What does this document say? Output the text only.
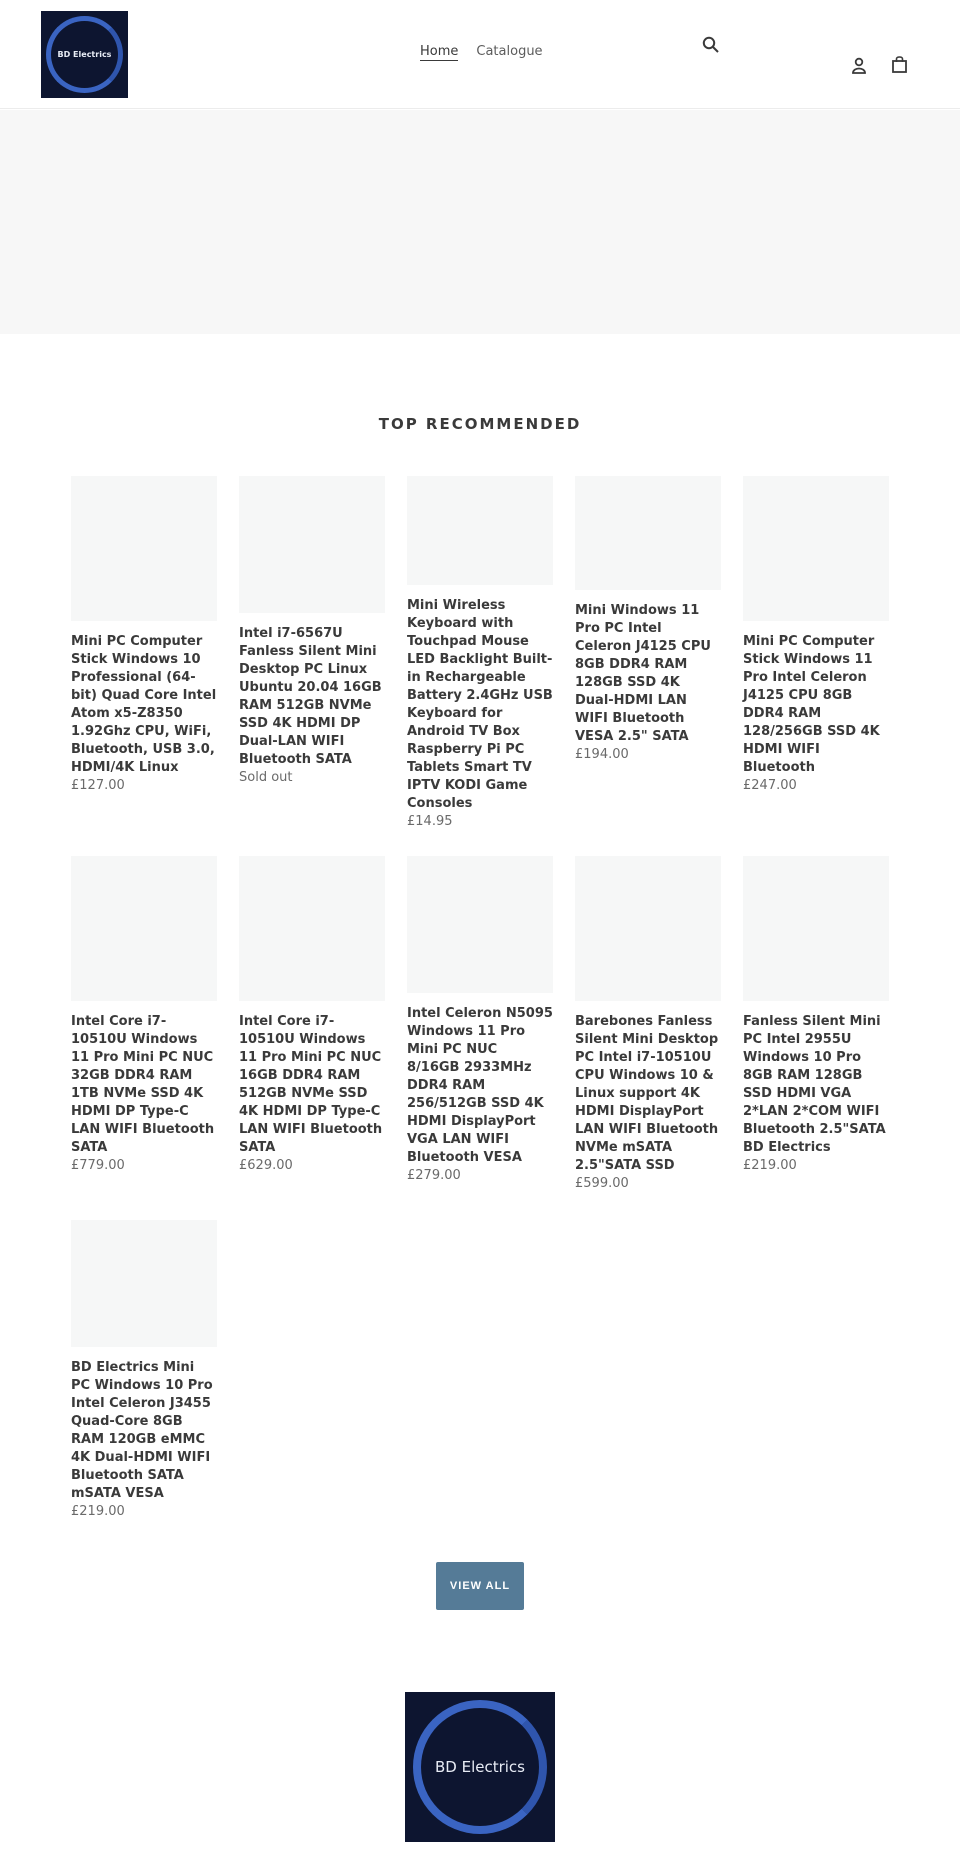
BD Electrics	Home Catalogue
TOP RECOMMENDED
Mini PC Computer Stick Windows 10 Professional (64-bit) Quad Core Intel Atom x5-Z8350 1.92Ghz CPU, WiFi, Bluetooth, USB 3.0, HDMI/4K Linux
£127.00
Intel i7-6567U Fanless Silent Mini Desktop PC Linux Ubuntu 20.04 16GB RAM 512GB NVMe SSD 4K HDMI DP Dual-LAN WIFI Bluetooth SATA
Sold out
Mini Wireless Keyboard with Touchpad Mouse LED Backlight Built-in Rechargeable Battery 2.4GHz USB Keyboard for Android TV Box Raspberry Pi PC Tablets Smart TV IPTV KODI Game Consoles
£14.95
Mini Windows 11 Pro PC Intel Celeron J4125 CPU 8GB DDR4 RAM 128GB SSD 4K Dual-HDMI LAN WIFI Bluetooth VESA 2.5" SATA
£194.00
Mini PC Computer Stick Windows 11 Pro Intel Celeron J4125 CPU 8GB DDR4 RAM 128/256GB SSD 4K HDMI WIFI Bluetooth
£247.00
Intel Core i7-10510U Windows 11 Pro Mini PC NUC 32GB DDR4 RAM 1TB NVMe SSD 4K HDMI DP Type-C LAN WIFI Bluetooth SATA
£779.00
Intel Core i7-10510U Windows 11 Pro Mini PC NUC 16GB DDR4 RAM 512GB NVMe SSD 4K HDMI DP Type-C LAN WIFI Bluetooth SATA
£629.00
Intel Celeron N5095 Windows 11 Pro Mini PC NUC 8/16GB 2933MHz DDR4 RAM 256/512GB SSD 4K HDMI DisplayPort VGA LAN WIFI Bluetooth VESA
£279.00
Barebones Fanless Silent Mini Desktop PC Intel i7-10510U CPU Windows 10 & Linux support 4K HDMI DisplayPort LAN WIFI Bluetooth NVMe mSATA 2.5"SATA SSD
£599.00
Fanless Silent Mini PC Intel 2955U Windows 10 Pro 8GB RAM 128GB SSD HDMI VGA 2*LAN 2*COM WIFI Bluetooth 2.5"SATA BD Electrics
£219.00
BD Electrics Mini PC Windows 10 Pro Intel Celeron J3455 Quad-Core 8GB RAM 120GB eMMC 4K Dual-HDMI WIFI Bluetooth SATA mSATA VESA
£219.00
VIEW ALL
BD Electrics
